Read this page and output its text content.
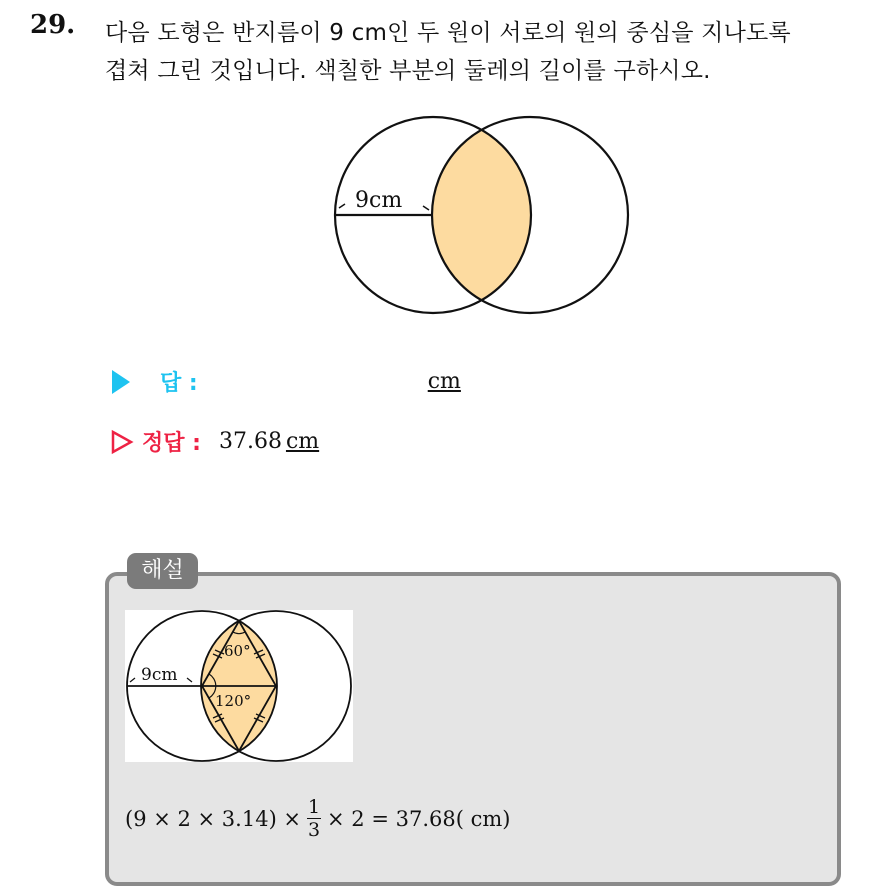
29. 다음 도형은 반지름이 9 cm인 두 원이 서로의 원의 중심을 지나도록
겹쳐 그린 것입니다. 색칠한 부분의 둘레의 길이를 구하시오.
9cm
답 :	cm
정답 : 37.68 cm
해설
60°
120°
9cm
$(9 \times 2 \times 3.14) \times \frac{1}{3} \times 2 = 37.68$( cm)
